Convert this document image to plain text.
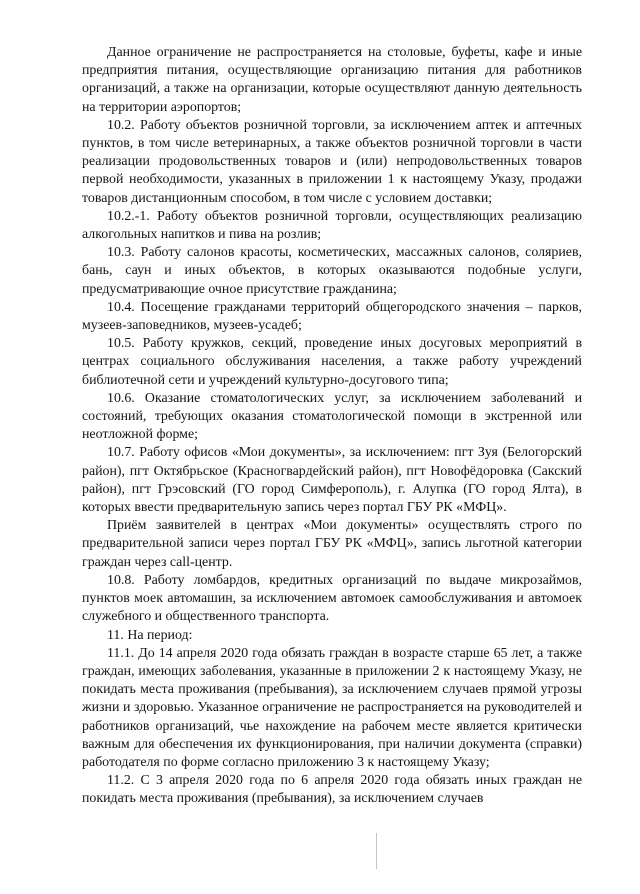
Данное ограничение не распространяется на столовые, буфеты, кафе и иные предприятия питания, осуществляющие организацию питания для работников организаций, а также на организации, которые осуществляют данную деятельность на территории аэропортов;

10.2. Работу объектов розничной торговли, за исключением аптек и аптечных пунктов, в том числе ветеринарных, а также объектов розничной торговли в части реализации продовольственных товаров и (или) непродовольственных товаров первой необходимости, указанных в приложении 1 к настоящему Указу, продажи товаров дистанционным способом, в том числе с условием доставки;

10.2.-1. Работу объектов розничной торговли, осуществляющих реализацию алкогольных напитков и пива на розлив;

10.3. Работу салонов красоты, косметических, массажных салонов, соляриев, бань, саун и иных объектов, в которых оказываются подобные услуги, предусматривающие очное присутствие гражданина;

10.4. Посещение гражданами территорий общегородского значения – парков, музеев-заповедников, музеев-усадеб;

10.5. Работу кружков, секций, проведение иных досуговых мероприятий в центрах социального обслуживания населения, а также работу учреждений библиотечной сети и учреждений культурно-досугового типа;

10.6. Оказание стоматологических услуг, за исключением заболеваний и состояний, требующих оказания стоматологической помощи в экстренной или неотложной форме;

10.7. Работу офисов «Мои документы», за исключением: пгт Зуя (Белогорский район), пгт Октябрьское (Красногвардейский район), пгт Новофёдоровка (Сакский район), пгт Грэсовский (ГО город Симферополь), г. Алупка (ГО город Ялта), в которых ввести предварительную запись через портал ГБУ РК «МФЦ».

Приём заявителей в центрах «Мои документы» осуществлять строго по предварительной записи через портал ГБУ РК «МФЦ», запись льготной категории граждан через call-центр.

10.8. Работу ломбардов, кредитных организаций по выдаче микрозаймов, пунктов моек автомашин, за исключением автомоек самообслуживания и автомоек служебного и общественного транспорта.

11. На период:

11.1. До 14 апреля 2020 года обязать граждан в возрасте старше 65 лет, а также граждан, имеющих заболевания, указанные в приложении 2 к настоящему Указу, не покидать места проживания (пребывания), за исключением случаев прямой угрозы жизни и здоровью. Указанное ограничение не распространяется на руководителей и работников организаций, чье нахождение на рабочем месте является критически важным для обеспечения их функционирования, при наличии документа (справки) работодателя по форме согласно приложению 3 к настоящему Указу;

11.2. С 3 апреля 2020 года по 6 апреля 2020 года обязать иных граждан не покидать места проживания (пребывания), за исключением случаев
